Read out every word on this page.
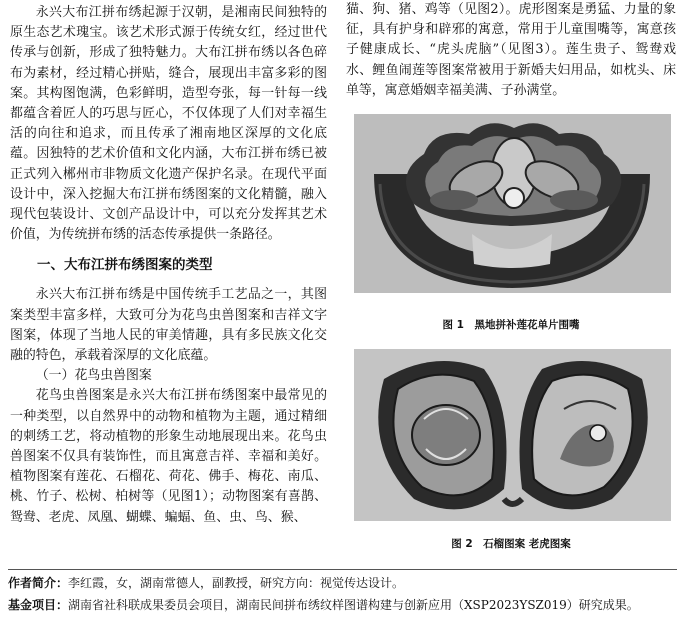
永兴大布江拼布绣起源于汉朝，是湘南民间独特的原生态艺术瑰宝。该艺术形式源于传统女红，经过世代传承与创新，形成了独特魅力。大布江拼布绣以各色碎布为素材，经过精心拼贴，缝合，展现出丰富多彩的图案。其构图饱满，色彩鲜明，造型夸张，每一针每一线都蕴含着匠人的巧思与匠心，不仅体现了人们对幸福生活的向往和追求，而且传承了湘南地区深厚的文化底蕴。因独特的艺术价值和文化内涵，大布江拼布绣已被正式列入郴州市非物质文化遗产保护名录。在现代平面设计中，深入挖掘大布江拼布绣图案的文化精髓，融入现代包装设计、文创产品设计中，可以充分发挥其艺术价值，为传统拼布绣的活态传承提供一条路径。

一、大布江拼布绣图案的类型

永兴大布江拼布绣是中国传统手工艺品之一，其图案类型丰富多样，大致可分为花鸟虫兽图案和吉祥文字图案，体现了当地人民的审美情趣，具有多民族文化交融的特色，承载着深厚的文化底蕴。

（一）花鸟虫兽图案

花鸟虫兽图案是永兴大布江拼布绣图案中最常见的一种类型，以自然界中的动物和植物为主题，通过精细的刺绣工艺，将动植物的形象生动地展现出来。花鸟虫兽图案不仅具有装饰性，而且寓意吉祥、幸福和美好。植物图案有莲花、石榴花、荷花、佛手、梅花、南瓜、桃、竹子、松树、柏树等（见图1）；动物图案有喜鹊、鸳鸯、老虎、凤凰、蝴蝶、蝙蝠、鱼、虫、鸟、猴、

猫、狗、猪、鸡等（见图2）。虎形图案是勇猛、力量的象征，具有护身和辟邪的寓意，常用于儿童围嘴等，寓意孩子健康成长、“虎头虎脑”（见图3）。莲生贵子、鸳鸯戏水、鲤鱼闹莲等图案常被用于新婚夫妇用品，如枕头、床单等，寓意婚姻幸福美满、子孙满堂。

图 1　黑地拼补莲花单片围嘴
图 2　石榴图案 老虎图案
作者简介：李红霞，女，湖南常德人，副教授，研究方向：视觉传达设计。
基金项目：湖南省社科联成果委员会项目，湖南民间拼布绣纹样图谱构建与创新应用（XSP2023YSZ019）研究成果。
